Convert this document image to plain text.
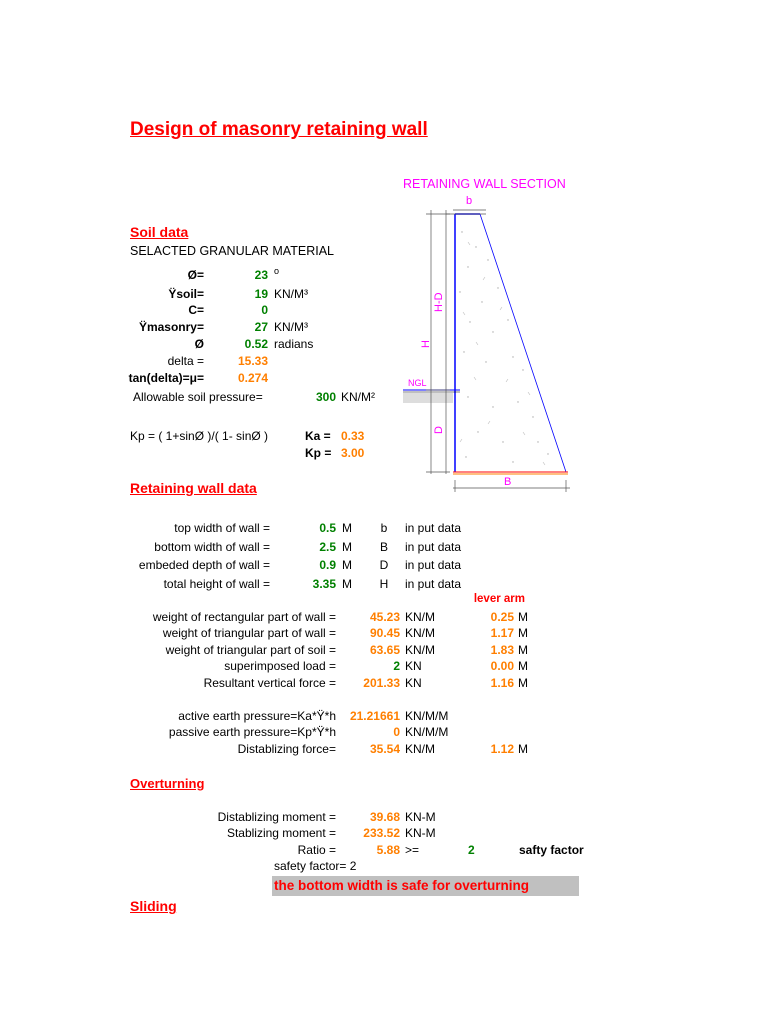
Design of masonry retaining wall
RETAINING WALL SECTION
b
H-D
H
D
NGL
B
Soil data
SELACTED GRANULAR MATERIAL
Ø=	23 o
Ÿsoil=	19 KN/M³
C=	0
Ÿmasonry=	27 KN/M³
Ø	0.52 radians
delta =	15.33
tan(delta)=μ=	0.274
Allowable soil pressure=	300 KN/M²
Kp = ( 1+sinØ )/( 1- sinØ )	Ka = 0.33
Kp = 3.00
Retaining wall data
top width of wall =	0.5 M	b	in put data
bottom width of wall =	2.5 M	B	in put data
embeded depth of wall =	0.9 M	D	in put data
total height of wall =	3.35 M	H	in put data
lever arm
weight of rectangular part of wall =	45.23 KN/M	0.25 M
weight of triangular part of wall =	90.45 KN/M	1.17 M
weight of triangular part of soil =	63.65 KN/M	1.83 M
superimposed load =	2 KN	0.00 M
Resultant vertical force =	201.33 KN	1.16 M
active earth pressure=Ka*Ÿ*h	21.21661 KN/M/M
passive earth pressure=Kp*Ÿ*h	0 KN/M/M
Distablizing force=	35.54 KN/M	1.12 M
Overturning
Distablizing moment =	39.68 KN-M
Stablizing moment =	233.52 KN-M
Ratio =	5.88 >=	2	safty factor
safety factor= 2
the bottom width is safe for overturning
Sliding
